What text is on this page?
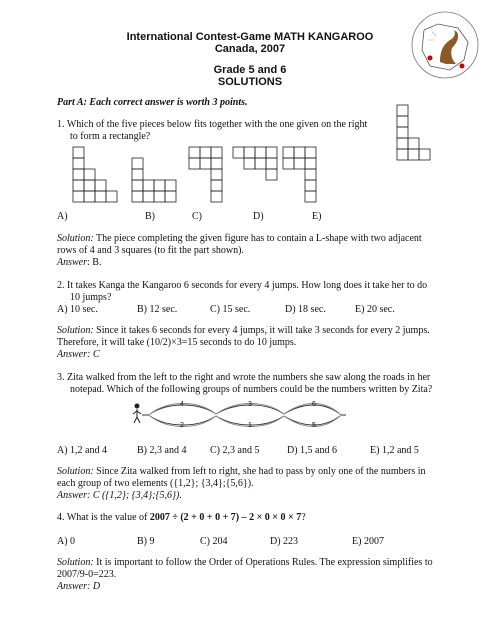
International Contest-Game MATH KANGAROO
Canada, 2007
Grade 5 and 6
SOLUTIONS
Part A: Each correct answer is worth 3 points.
1. Which of the five pieces below fits together with the one given on the right
to form a rectangle?
A)	B)	C)	D)	E)
Solution: The piece completing the given figure has to contain a L-shape with two adjacent
rows of 4 and 3 squares (to fit the part shown).
Answer: B.
2. It takes Kanga the Kangaroo 6 seconds for every 4 jumps. How long does it take her to do
10 jumps?
A) 10 sec.	B) 12 sec.	C) 15 sec.	D) 18 sec.	E) 20 sec.
Solution: Since it takes 6 seconds for every 4 jumps, it will take 3 seconds for every 2 jumps.
Therefore, it will take (10/2)×3=15 seconds to do 10 jumps.
Answer: C
3. Zita walked from the left to the right and wrote the numbers she saw along the roads in her
notepad. Which of the following groups of numbers could be the numbers written by Zita?
4
2
3
1
6
5
A) 1,2 and 4	B) 2,3 and 4 C) 2,3 and 5	D) 1,5 and 6	E) 1,2 and 5
Solution: Since Zita walked from left to right, she had to pass by only one of the numbers in
each group of two elements ({1,2}; {3,4};{5,6}).
Answer: C ({1,2}; {3,4};{5,6}).
4. What is the value of 2007 ÷ (2 + 0 + 0 + 7) – 2 × 0 × 0 × 7?
A) 0	B) 9	C) 204	D) 223	E) 2007
Solution: It is important to follow the Order of Operations Rules. The expression simplifies to
2007/9-0=223.
Answer: D
